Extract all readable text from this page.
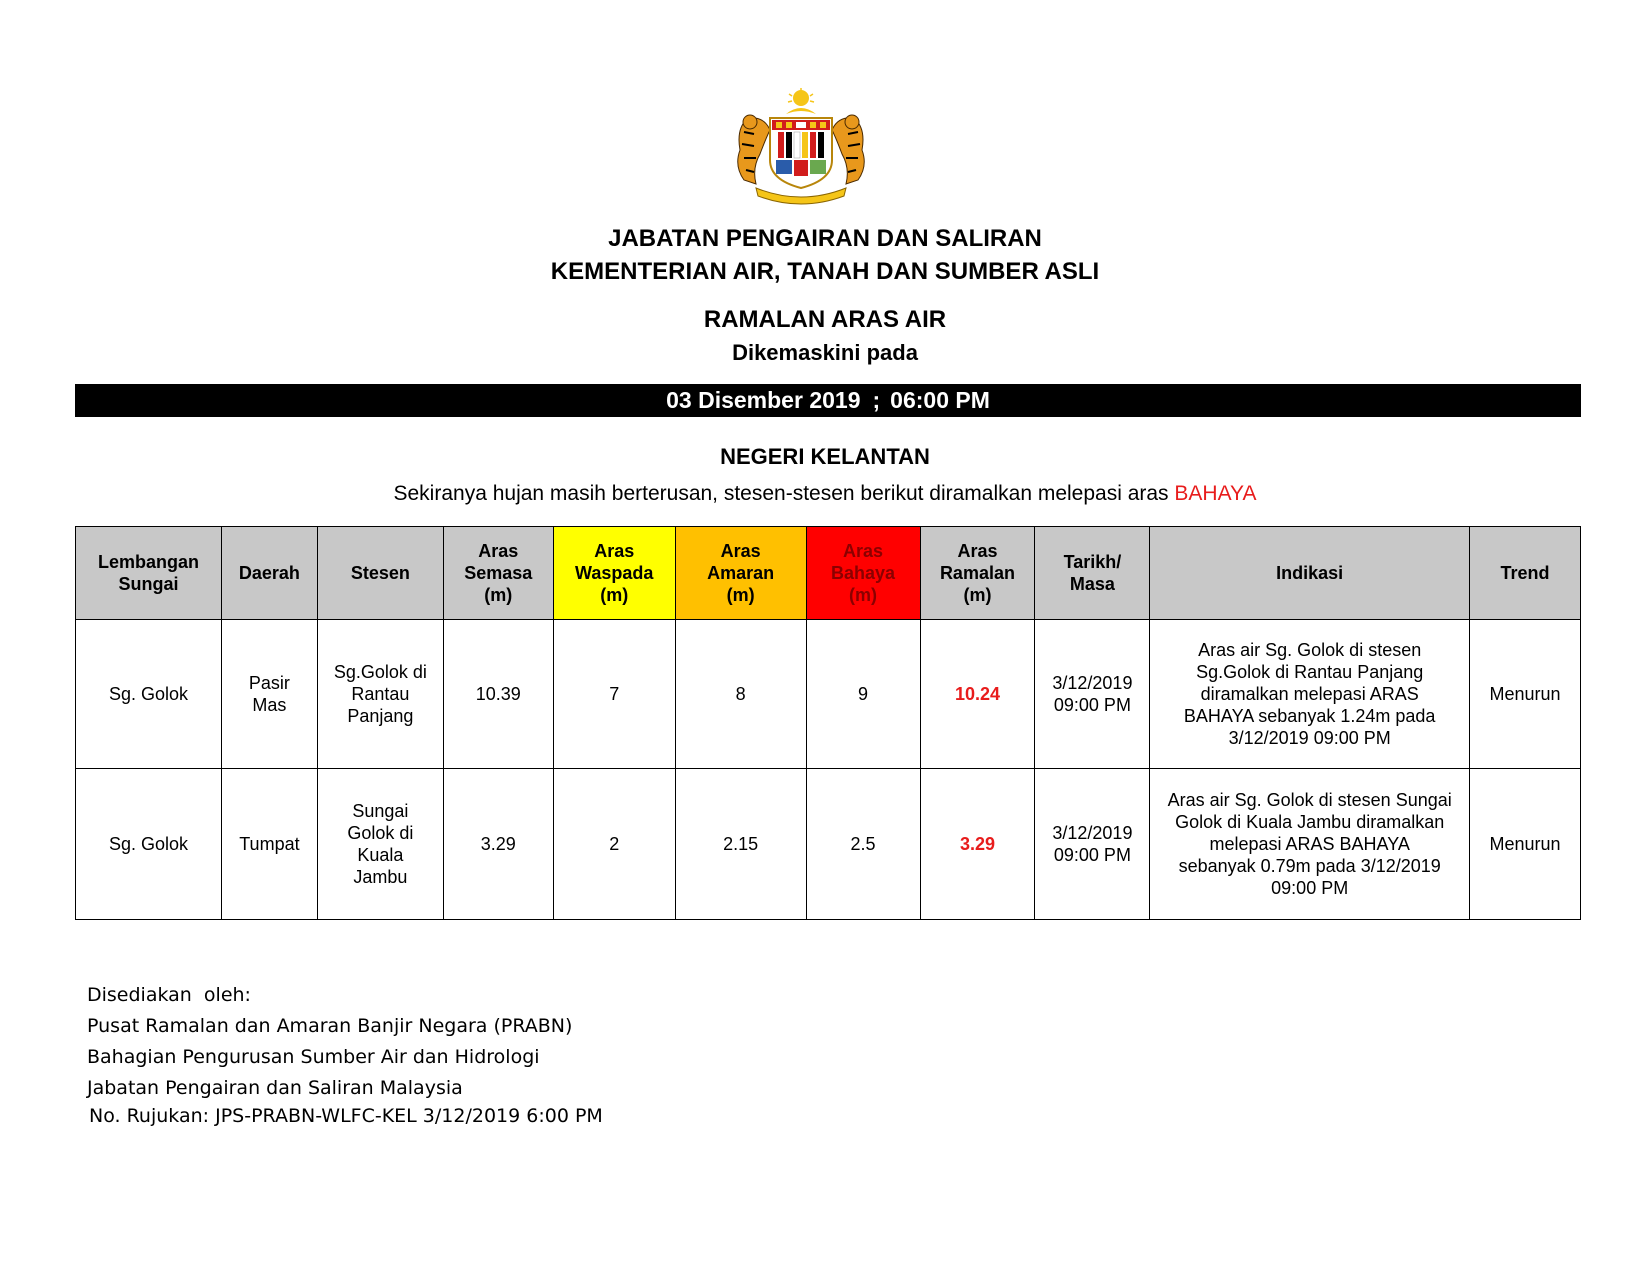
JABATAN PENGAIRAN DAN SALIRAN
KEMENTERIAN AIR, TANAH DAN SUMBER ASLI
RAMALAN ARAS AIR
Dikemaskini pada
03 Disember 2019 ; 06:00 PM
NEGERI KELANTAN
Sekiranya hujan masih berterusan, stesen-stesen berikut diramalkan melepasi aras BAHAYA
Lembangan
Sungai	Daerah	Stesen	Aras
Semasa
(m)	Aras
Waspada
(m)	Aras
Amaran
(m)	Aras
Bahaya
(m)	Aras
Ramalan
(m)	Tarikh/
Masa	Indikasi	Trend
Sg. Golok	Pasir
Mas	Sg.Golok di
Rantau
Panjang	10.39	7	8	9	10.24	3/12/2019
09:00 PM	Aras air Sg. Golok di stesen
Sg.Golok di Rantau Panjang
diramalkan melepasi ARAS
BAHAYA sebanyak 1.24m pada
3/12/2019 09:00 PM	Menurun
Sg. Golok	Tumpat	Sungai
Golok di
Kuala
Jambu	3.29	2	2.15	2.5	3.29	3/12/2019
09:00 PM	Aras air Sg. Golok di stesen Sungai
Golok di Kuala Jambu diramalkan
melepasi ARAS BAHAYA
sebanyak 0.79m pada 3/12/2019
09:00 PM	Menurun
Disediakan  oleh:
Pusat Ramalan dan Amaran Banjir Negara (PRABN)
Bahagian Pengurusan Sumber Air dan Hidrologi
Jabatan Pengairan dan Saliran Malaysia
No. Rujukan: JPS-PRABN-WLFC-KEL 3/12/2019 6:00 PM
